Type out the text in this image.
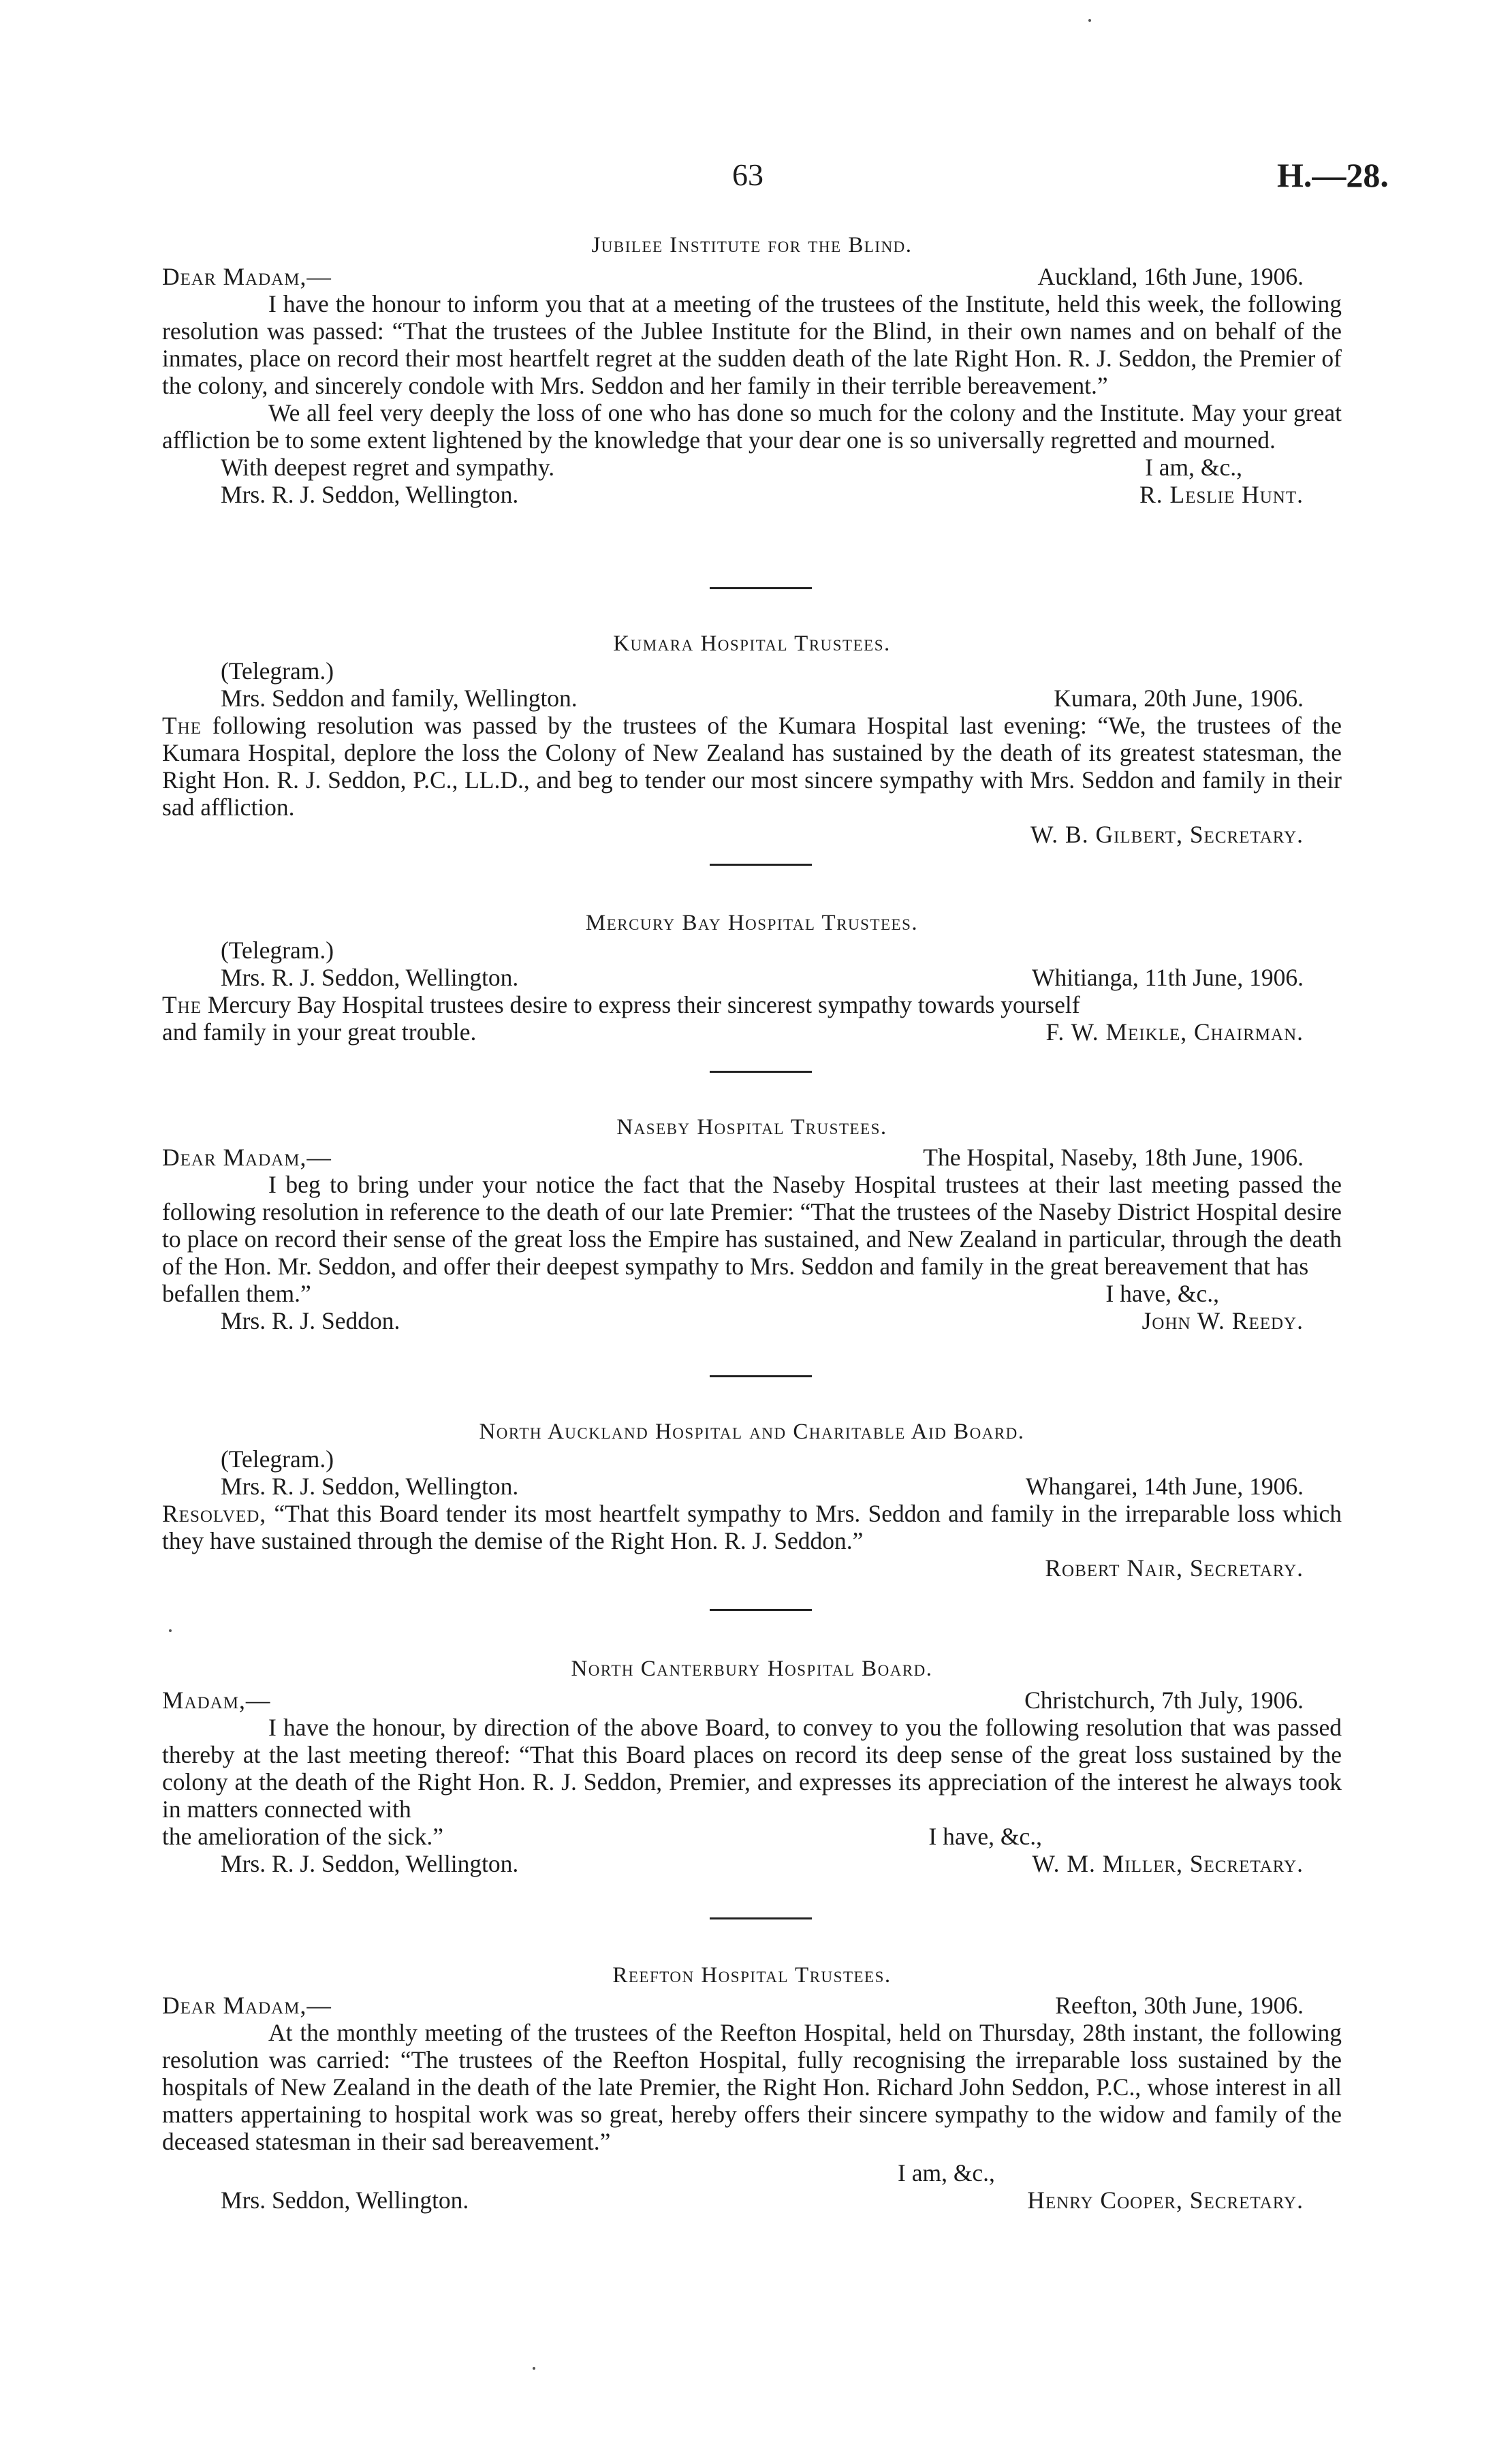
63	H.—28.
Jubilee Institute for the Blind.
Dear Madam,—	Auckland, 16th June, 1906.

I have the honour to inform you that at a meeting of the trustees of the Institute, held this week, the following resolution was passed: “That the trustees of the Jublee Institute for the Blind, in their own names and on behalf of the inmates, place on record their most heartfelt regret at the sudden death of the late Right Hon. R. J. Seddon, the Premier of the colony, and sincerely condole with Mrs. Seddon and her family in their terrible bereavement.”

We all feel very deeply the loss of one who has done so much for the colony and the Institute. May your great affliction be to some extent lightened by the knowledge that your dear one is so universally regretted and mourned.

With deepest regret and sympathy.	I am, &c.,
Mrs. R. J. Seddon, Wellington.	R. Leslie Hunt.
Kumara Hospital Trustees.
(Telegram.)
Mrs. Seddon and family, Wellington.	Kumara, 20th June, 1906.

The following resolution was passed by the trustees of the Kumara Hospital last evening: “We, the trustees of the Kumara Hospital, deplore the loss the Colony of New Zealand has sustained by the death of its greatest statesman, the Right Hon. R. J. Seddon, P.C., LL.D., and beg to tender our most sincere sympathy with Mrs. Seddon and family in their sad affliction.

W. B. Gilbert, Secretary.
Mercury Bay Hospital Trustees.
(Telegram.)
Mrs. R. J. Seddon, Wellington.	Whitianga, 11th June, 1906.

The Mercury Bay Hospital trustees desire to express their sincerest sympathy towards yourself

and family in your great trouble.	F. W. Meikle, Chairman.
Naseby Hospital Trustees.
Dear Madam,—	The Hospital, Naseby, 18th June, 1906.

I beg to bring under your notice the fact that the Naseby Hospital trustees at their last meeting passed the following resolution in reference to the death of our late Premier: “That the trustees of the Naseby District Hospital desire to place on record their sense of the great loss the Empire has sustained, and New Zealand in particular, through the death of the Hon. Mr. Seddon, and offer their deepest sympathy to Mrs. Seddon and family in the great bereavement that has

befallen them.”	I have, &c.,
Mrs. R. J. Seddon.	John W. Reedy.
North Auckland Hospital and Charitable Aid Board.
(Telegram.)
Mrs. R. J. Seddon, Wellington.	Whangarei, 14th June, 1906.

Resolved, “That this Board tender its most heartfelt sympathy to Mrs. Seddon and family in the irreparable loss which they have sustained through the demise of the Right Hon. R. J. Seddon.”

Robert Nair, Secretary.
North Canterbury Hospital Board.
Madam,—	Christchurch, 7th July, 1906.

I have the honour, by direction of the above Board, to convey to you the following resolution that was passed thereby at the last meeting thereof: “That this Board places on record its deep sense of the great loss sustained by the colony at the death of the Right Hon. R. J. Seddon, Premier, and expresses its appreciation of the interest he always took in matters connected with

the amelioration of the sick.”	I have, &c.,
Mrs. R. J. Seddon, Wellington.	W. M. Miller, Secretary.
Reefton Hospital Trustees.
Dear Madam,—	Reefton, 30th June, 1906.

At the monthly meeting of the trustees of the Reefton Hospital, held on Thursday, 28th instant, the following resolution was carried: “The trustees of the Reefton Hospital, fully recognising the irreparable loss sustained by the hospitals of New Zealand in the death of the late Premier, the Right Hon. Richard John Seddon, P.C., whose interest in all matters appertaining to hospital work was so great, hereby offers their sincere sympathy to the widow and family of the deceased statesman in their sad bereavement.”

I am, &c.,
Mrs. Seddon, Wellington.	Henry Cooper, Secretary.
